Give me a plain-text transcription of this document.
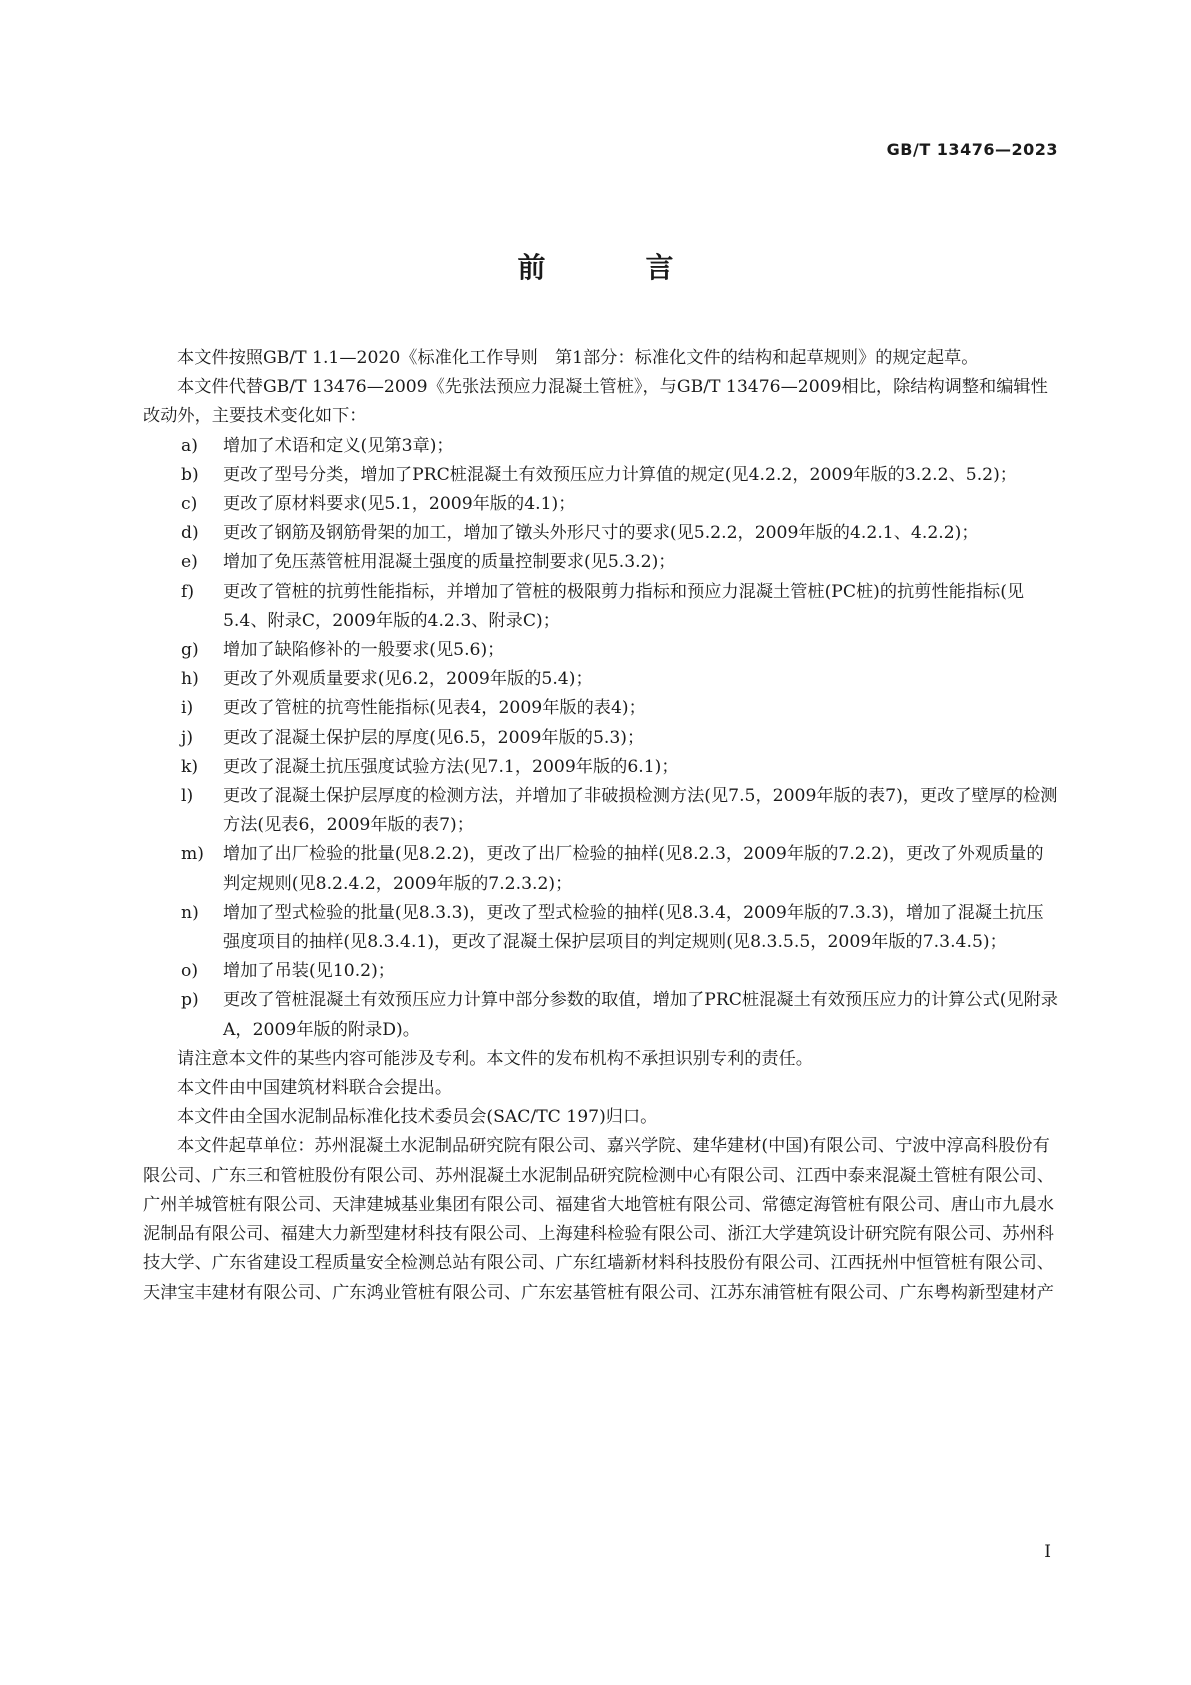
GB/T 13476—2023
前　言

本文件按照GB/T 1.1—2020《标准化工作导则　第1部分：标准化文件的结构和起草规则》的规定起草。

本文件代替GB/T 13476—2009《先张法预应力混凝土管桩》，与GB/T 13476—2009相比，除结构调整和编辑性改动外，主要技术变化如下：

a)	增加了术语和定义(见第3章)；
b)	更改了型号分类，增加了PRC桩混凝土有效预压应力计算值的规定(见4.2.2，2009年版的3.2.2、5.2)；
c)	更改了原材料要求(见5.1，2009年版的4.1)；
d)	更改了钢筋及钢筋骨架的加工，增加了镦头外形尺寸的要求(见5.2.2，2009年版的4.2.1、4.2.2)；
e)	增加了免压蒸管桩用混凝土强度的质量控制要求(见5.3.2)；
f)	更改了管桩的抗剪性能指标，并增加了管桩的极限剪力指标和预应力混凝土管桩(PC桩)的抗剪性能指标(见5.4、附录C，2009年版的4.2.3、附录C)；
g)	增加了缺陷修补的一般要求(见5.6)；
h)	更改了外观质量要求(见6.2，2009年版的5.4)；
i)	更改了管桩的抗弯性能指标(见表4，2009年版的表4)；
j)	更改了混凝土保护层的厚度(见6.5，2009年版的5.3)；
k)	更改了混凝土抗压强度试验方法(见7.1，2009年版的6.1)；
l)	更改了混凝土保护层厚度的检测方法，并增加了非破损检测方法(见7.5，2009年版的表7)，更改了壁厚的检测方法(见表6，2009年版的表7)；
m)	增加了出厂检验的批量(见8.2.2)，更改了出厂检验的抽样(见8.2.3，2009年版的7.2.2)，更改了外观质量的判定规则(见8.2.4.2，2009年版的7.2.3.2)；
n)	增加了型式检验的批量(见8.3.3)，更改了型式检验的抽样(见8.3.4，2009年版的7.3.3)，增加了混凝土抗压强度项目的抽样(见8.3.4.1)，更改了混凝土保护层项目的判定规则(见8.3.5.5，2009年版的7.3.4.5)；
o)	增加了吊装(见10.2)；
p)	更改了管桩混凝土有效预压应力计算中部分参数的取值，增加了PRC桩混凝土有效预压应力的计算公式(见附录A，2009年版的附录D)。

请注意本文件的某些内容可能涉及专利。本文件的发布机构不承担识别专利的责任。

本文件由中国建筑材料联合会提出。

本文件由全国水泥制品标准化技术委员会(SAC/TC 197)归口。

本文件起草单位：苏州混凝土水泥制品研究院有限公司、嘉兴学院、建华建材(中国)有限公司、宁波中淳高科股份有限公司、广东三和管桩股份有限公司、苏州混凝土水泥制品研究院检测中心有限公司、江西中泰来混凝土管桩有限公司、广州羊城管桩有限公司、天津建城基业集团有限公司、福建省大地管桩有限公司、常德定海管桩有限公司、唐山市九晨水泥制品有限公司、福建大力新型建材科技有限公司、上海建科检验有限公司、浙江大学建筑设计研究院有限公司、苏州科技大学、广东省建设工程质量安全检测总站有限公司、广东红墙新材料科技股份有限公司、江西抚州中恒管桩有限公司、天津宝丰建材有限公司、广东鸿业管桩有限公司、广东宏基管桩有限公司、江苏东浦管桩有限公司、广东粤构新型建材产

I
